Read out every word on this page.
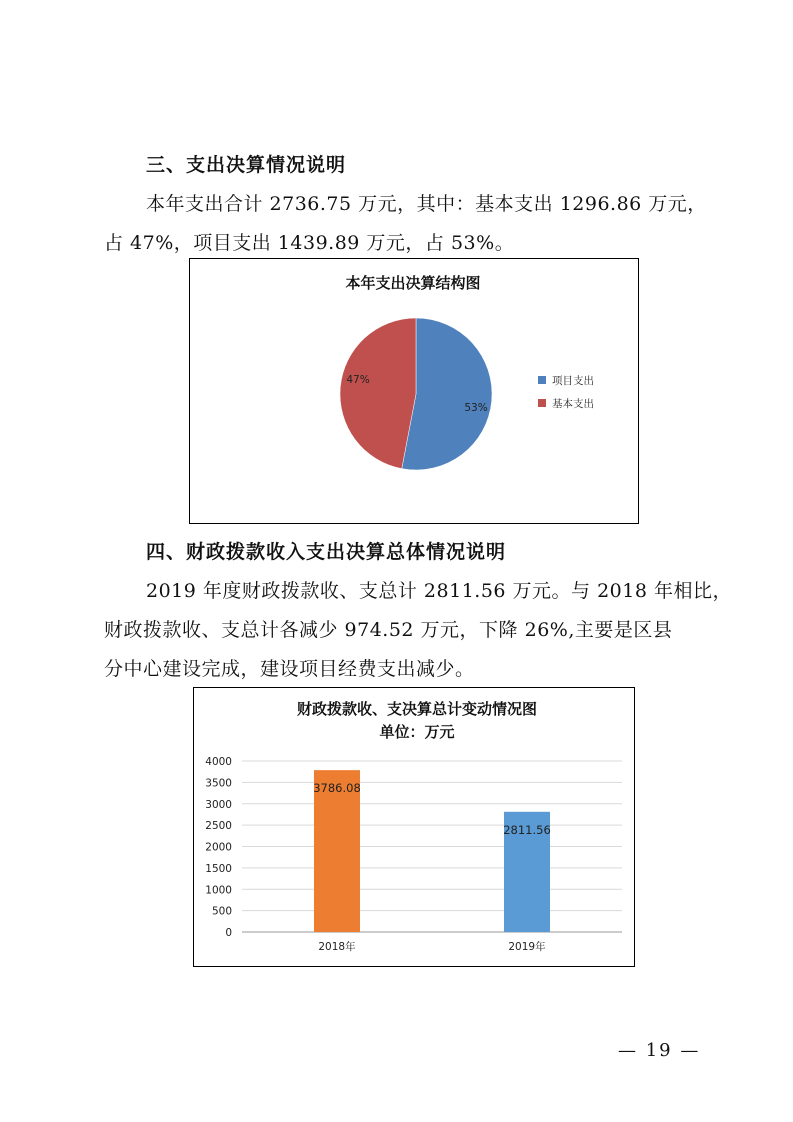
三、支出决算情况说明

本年支出合计 2736.75 万元，其中：基本支出 1296.86 万元，
占 47%，项目支出 1439.89 万元，占 53%。

本年支出决算结构图
53%
47%	项目支出
基本支出
四、财政拨款收入支出决算总体情况说明

2019 年度财政拨款收、支总计 2811.56 万元。与 2018 年相比，
财政拨款收、支总计各减少 974.52 万元，下降 26%,主要是区县
分中心建设完成，建设项目经费支出减少。

财政拨款收、支决算总计变动情况图
单位：万元
0
500
1000
1500
2000
2500
3000
3500
4000
3786.08
2811.56
2018年	2019年
— 19 —
